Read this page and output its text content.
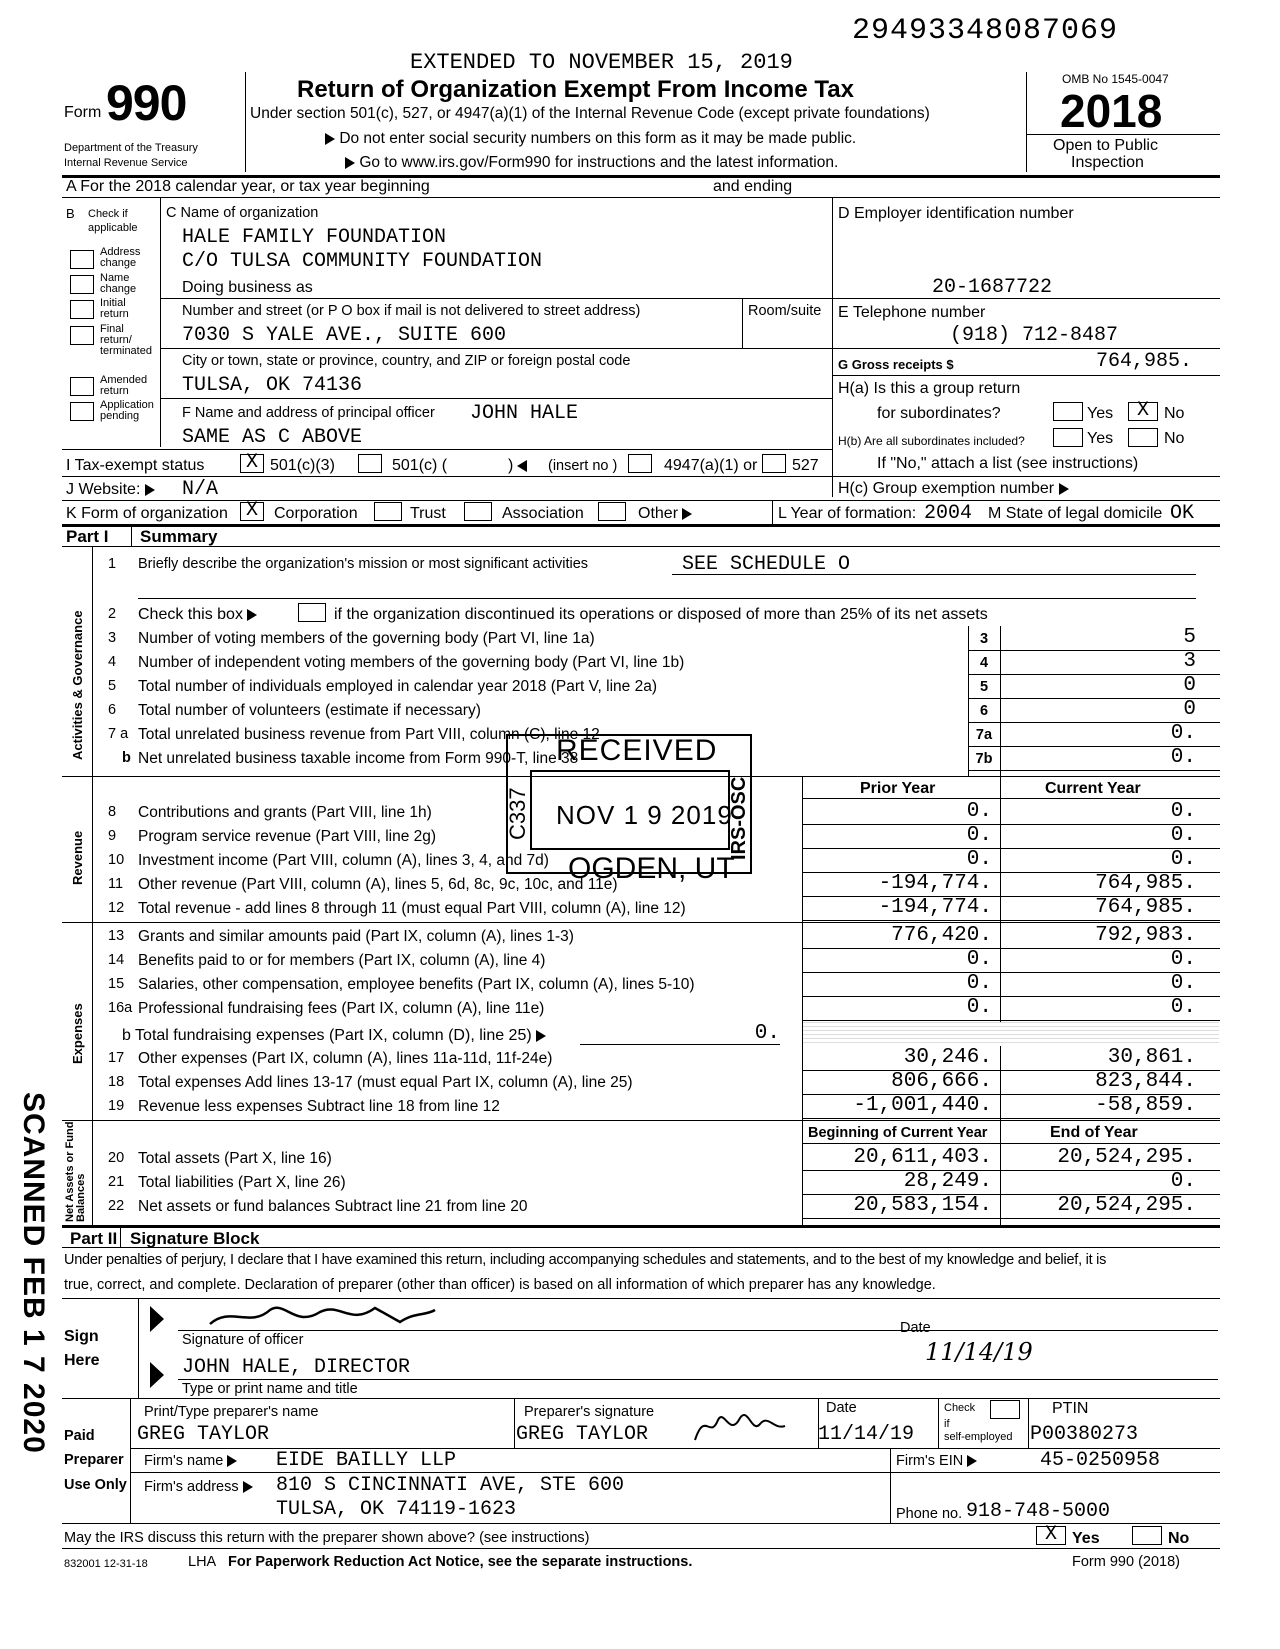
29493348087069
EXTENDED TO NOVEMBER 15, 2019
Form 990
Department of the Treasury
Internal Revenue Service
Return of Organization Exempt From Income Tax
Under section 501(c), 527, or 4947(a)(1) of the Internal Revenue Code (except private foundations)
Do not enter social security numbers on this form as it may be made public.
Go to www.irs.gov/Form990 for instructions and the latest information.
OMB No 1545-0047
2018
Open to Public
Inspection
A For the 2018 calendar year, or tax year beginning	and ending
B Check if
applicable
Address change
Name change
Initial return
Final return/ terminated
Amended return
Application pending
C Name of organization
HALE FAMILY FOUNDATION
C/O TULSA COMMUNITY FOUNDATION
Doing business as
Number and street (or P O box if mail is not delivered to street address)	Room/suite
7030 S YALE AVE., SUITE 600
City or town, state or province, country, and ZIP or foreign postal code
TULSA, OK 74136
F Name and address of principal officer JOHN HALE
SAME AS C ABOVE
D Employer identification number
20-1687722
E Telephone number
(918) 712-8487
G Gross receipts $	764,985.
H(a) Is this a group return
for subordinates?	Yes	X No
H(b) Are all subordinates included?	Yes	No
If "No," attach a list (see instructions)
H(c) Group exemption number
I Tax-exempt status X 501(c)(3)	501(c) (	)	(insert no )	4947(a)(1) or 527
J Website:	N/A
K Form of organization X	Corporation	Trust	Association	Other	L Year of formation: 2004 M State of legal domicile OK
Part I Summary
Activities & Governance
Revenue
Expenses
Net Assets or Fund Balances
1 Briefly describe the organization's mission or most significant activities	SEE SCHEDULE O
2 Check this box	if the organization discontinued its operations or disposed of more than 25% of its net assets
3 Number of voting members of the governing body (Part VI, line 1a)	3	5
4 Number of independent voting members of the governing body (Part VI, line 1b)	4	3
5 Total number of individuals employed in calendar year 2018 (Part V, line 2a)	5	0
6 Total number of volunteers (estimate if necessary)	6	0
7 a Total unrelated business revenue from Part VIII, column (C), line 12	7a	0.
b Net unrelated business taxable income from Form 990-T, line 38	7b	0.
Prior Year	Current Year
8 Contributions and grants (Part VIII, line 1h)	0.	0.
9 Program service revenue (Part VIII, line 2g)	0.	0.
10 Investment income (Part VIII, column (A), lines 3, 4, and 7d)	0.	0.
11 Other revenue (Part VIII, column (A), lines 5, 6d, 8c, 9c, 10c, and 11e)	-194,774.	764,985.
12 Total revenue - add lines 8 through 11 (must equal Part VIII, column (A), line 12)	-194,774.	764,985.
13 Grants and similar amounts paid (Part IX, column (A), lines 1-3)	776,420.	792,983.
14 Benefits paid to or for members (Part IX, column (A), line 4)	0.	0.
15 Salaries, other compensation, employee benefits (Part IX, column (A), lines 5-10)	0.	0.
16a Professional fundraising fees (Part IX, column (A), line 11e)	0.	0.
b Total fundraising expenses (Part IX, column (D), line 25)	0.
17 Other expenses (Part IX, column (A), lines 11a-11d, 11f-24e)	30,246.	30,861.
18 Total expenses Add lines 13-17 (must equal Part IX, column (A), line 25)	806,666.	823,844.
19 Revenue less expenses Subtract line 18 from line 12	-1,001,440.	-58,859.
Beginning of Current Year	End of Year
20 Total assets (Part X, line 16)	20,611,403.	20,524,295.
21 Total liabilities (Part X, line 26)	28,249.	0.
22 Net assets or fund balances Subtract line 21 from line 20	20,583,154.	20,524,295.
Part II Signature Block
Under penalties of perjury, I declare that I have examined this return, including accompanying schedules and statements, and to the best of my knowledge and belief, it is
true, correct, and complete. Declaration of preparer (other than officer) is based on all information of which preparer has any knowledge.
Sign
Here
Signature of officer
Date
11/14/19
JOHN HALE, DIRECTOR
Type or print name and title
Paid
Preparer
Use Only
Print/Type preparer's name
GREG TAYLOR
Preparer's signature
GREG TAYLOR
Date
11/14/19
Check
if
self-employed
PTIN
P00380273
Firm's name	EIDE BAILLY LLP	Firm's EIN	45-0250958
Firm's address	810 S CINCINNATI AVE, STE 600
TULSA, OK 74119-1623	Phone no. 918-748-5000
May the IRS discuss this return with the preparer shown above? (see instructions)	X Yes	No
832001 12-31-18	LHA For Paperwork Reduction Act Notice, see the separate instructions.	Form 990 (2018)
RECEIVED
NOV 1 9 2019
OGDEN, UT
C337	IRS-OSC
SCANNED FEB 1 7 2020
